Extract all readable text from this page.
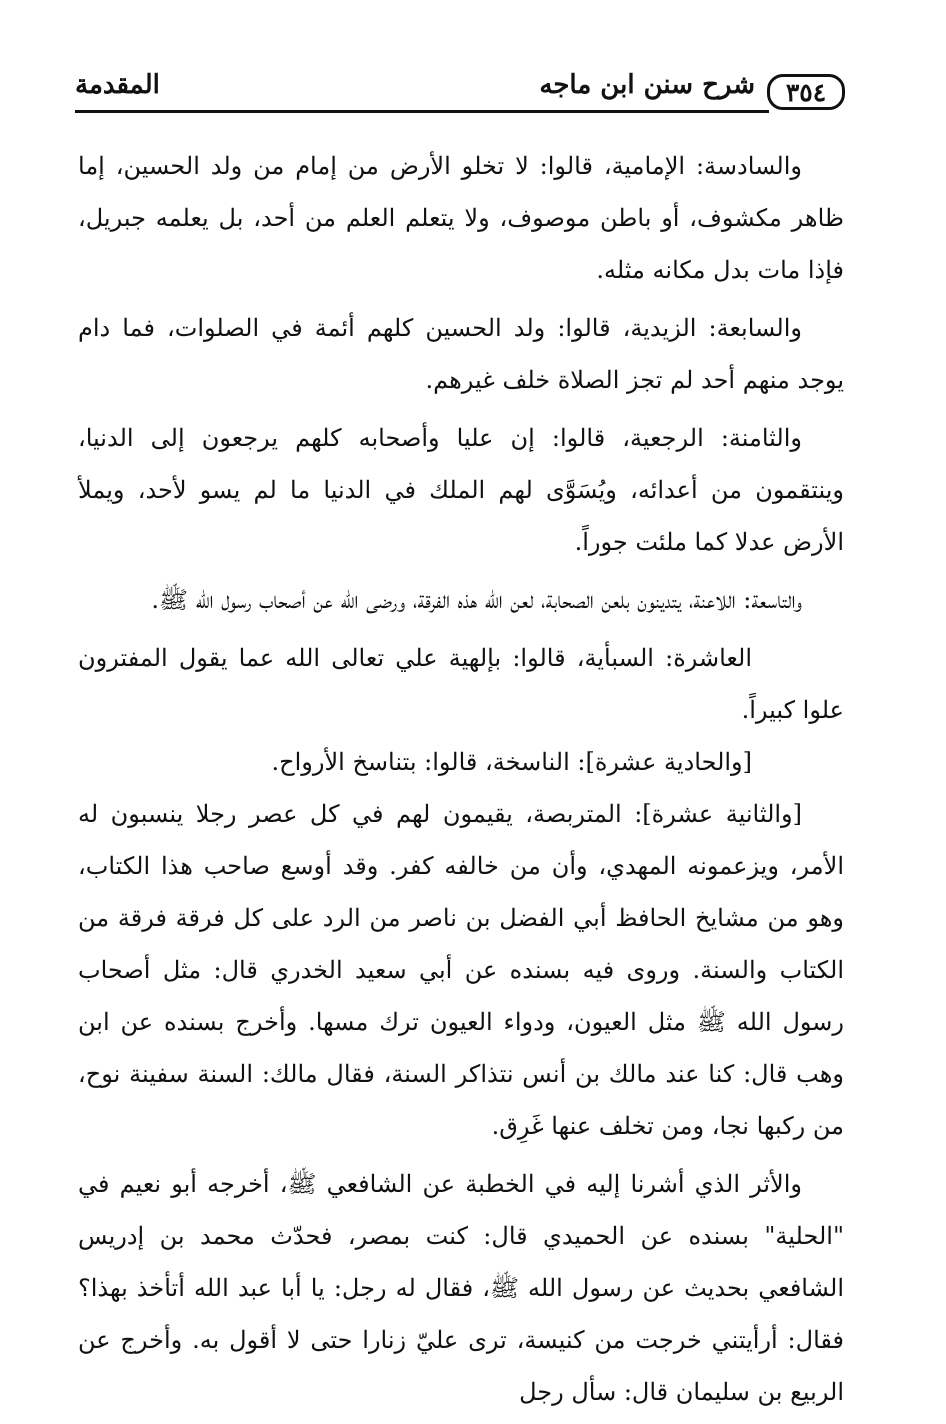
٣٥٤
شرح سنن ابن ماجه
المقدمة

والسادسة: الإمامية، قالوا: لا تخلو الأرض من إمام من ولد الحسين، إما ظاهر مكشوف، أو باطن موصوف، ولا يتعلم العلم من أحد، بل يعلمه جبريل، فإذا مات بدل مكانه مثله.

والسابعة: الزيدية، قالوا: ولد الحسين كلهم أئمة في الصلوات، فما دام يوجد منهم أحد لم تجز الصلاة خلف غيرهم.

والثامنة: الرجعية، قالوا: إن عليا وأصحابه كلهم يرجعون إلى الدنيا، وينتقمون من أعدائه، ويُسَوَّى لهم الملك في الدنيا ما لم يسو لأحد، ويملأ الأرض عدلا كما ملئت جوراً.

والتاسعة: اللاعنة، يتدينون بلعن الصحابة، لعن الله هذه الفرقة، ورضى الله عن أصحاب رسول الله ﷺ.

العاشرة: السبأية، قالوا: بإلهية علي تعالى الله عما يقول المفترون علوا كبيراً.

[والحادية عشرة]: الناسخة، قالوا: بتناسخ الأرواح.

[والثانية عشرة]: المتربصة، يقيمون لهم في كل عصر رجلا ينسبون له الأمر، ويزعمونه المهدي، وأن من خالفه كفر. وقد أوسع صاحب هذا الكتاب، وهو من مشايخ الحافظ أبي الفضل بن ناصر من الرد على كل فرقة فرقة من الكتاب والسنة. وروى فيه بسنده عن أبي سعيد الخدري قال: مثل أصحاب رسول الله ﷺ مثل العيون، ودواء العيون ترك مسها. وأخرج بسنده عن ابن وهب قال: كنا عند مالك بن أنس نتذاكر السنة، فقال مالك: السنة سفينة نوح، من ركبها نجا، ومن تخلف عنها غَرِق.

والأثر الذي أشرنا إليه في الخطبة عن الشافعي ﷺ، أخرجه أبو نعيم في "الحلية" بسنده عن الحميدي قال: كنت بمصر، فحدّث محمد بن إدريس الشافعي بحديث عن رسول الله ﷺ، فقال له رجل: يا أبا عبد الله أتأخذ بهذا؟ فقال: أرأيتني خرجت من كنيسة، ترى عليّ زنارا حتى لا أقول به. وأخرج عن الربيع بن سليمان قال: سأل رجل
